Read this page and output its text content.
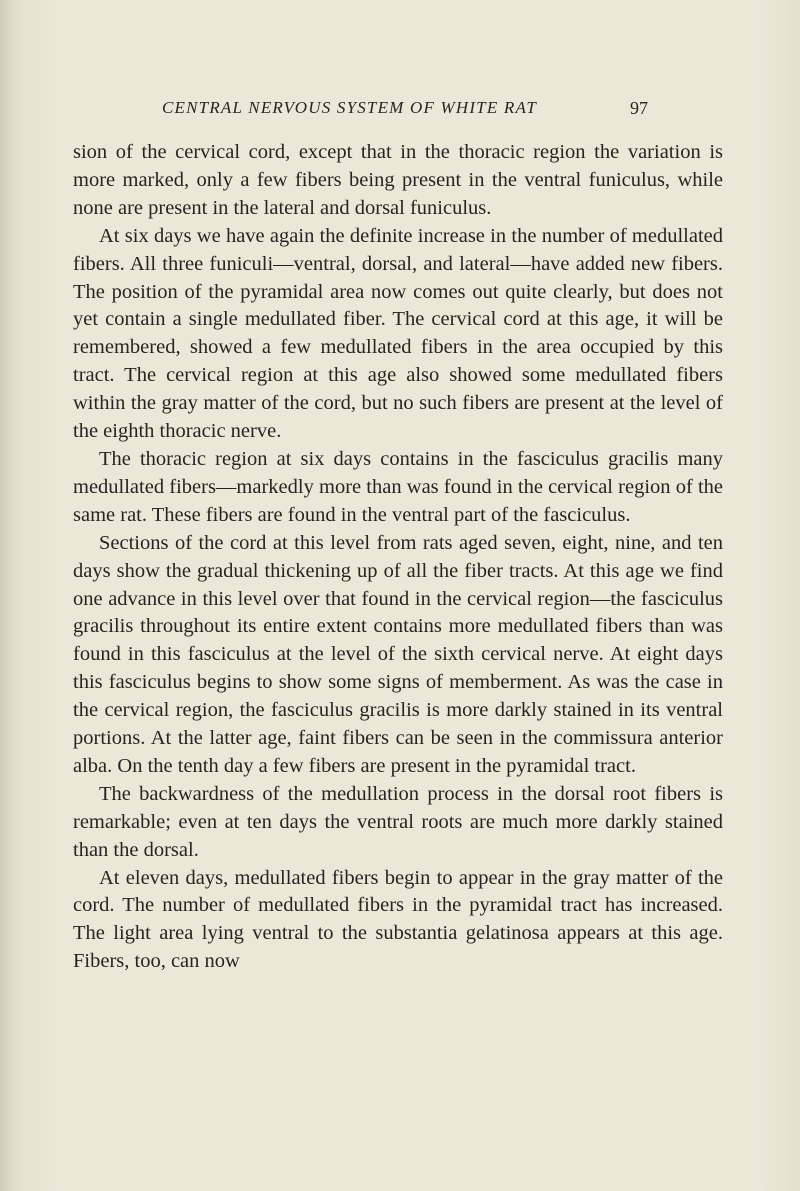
CENTRAL NERVOUS SYSTEM OF WHITE RAT	97

sion of the cervical cord, except that in the thoracic region the variation is more marked, only a few fibers being present in the ventral funiculus, while none are present in the lateral and dorsal funiculus.

At six days we have again the definite increase in the number of medullated fibers. All three funiculi—ventral, dorsal, and lateral—have added new fibers. The position of the pyramidal area now comes out quite clearly, but does not yet contain a single medullated fiber. The cervical cord at this age, it will be remembered, showed a few medullated fibers in the area occupied by this tract. The cervical region at this age also showed some medullated fibers within the gray matter of the cord, but no such fibers are present at the level of the eighth thoracic nerve.

The thoracic region at six days contains in the fasciculus gracilis many medullated fibers—markedly more than was found in the cervical region of the same rat. These fibers are found in the ventral part of the fasciculus.

Sections of the cord at this level from rats aged seven, eight, nine, and ten days show the gradual thickening up of all the fiber tracts. At this age we find one advance in this level over that found in the cervical region—the fasciculus gracilis throughout its entire extent contains more medullated fibers than was found in this fasciculus at the level of the sixth cervical nerve. At eight days this fasciculus begins to show some signs of memberment. As was the case in the cervical region, the fasciculus gracilis is more darkly stained in its ventral portions. At the latter age, faint fibers can be seen in the commissura anterior alba. On the tenth day a few fibers are present in the pyramidal tract.

The backwardness of the medullation process in the dorsal root fibers is remarkable; even at ten days the ventral roots are much more darkly stained than the dorsal.

At eleven days, medullated fibers begin to appear in the gray matter of the cord. The number of medullated fibers in the pyramidal tract has increased. The light area lying ventral to the substantia gelatinosa appears at this age. Fibers, too, can now
